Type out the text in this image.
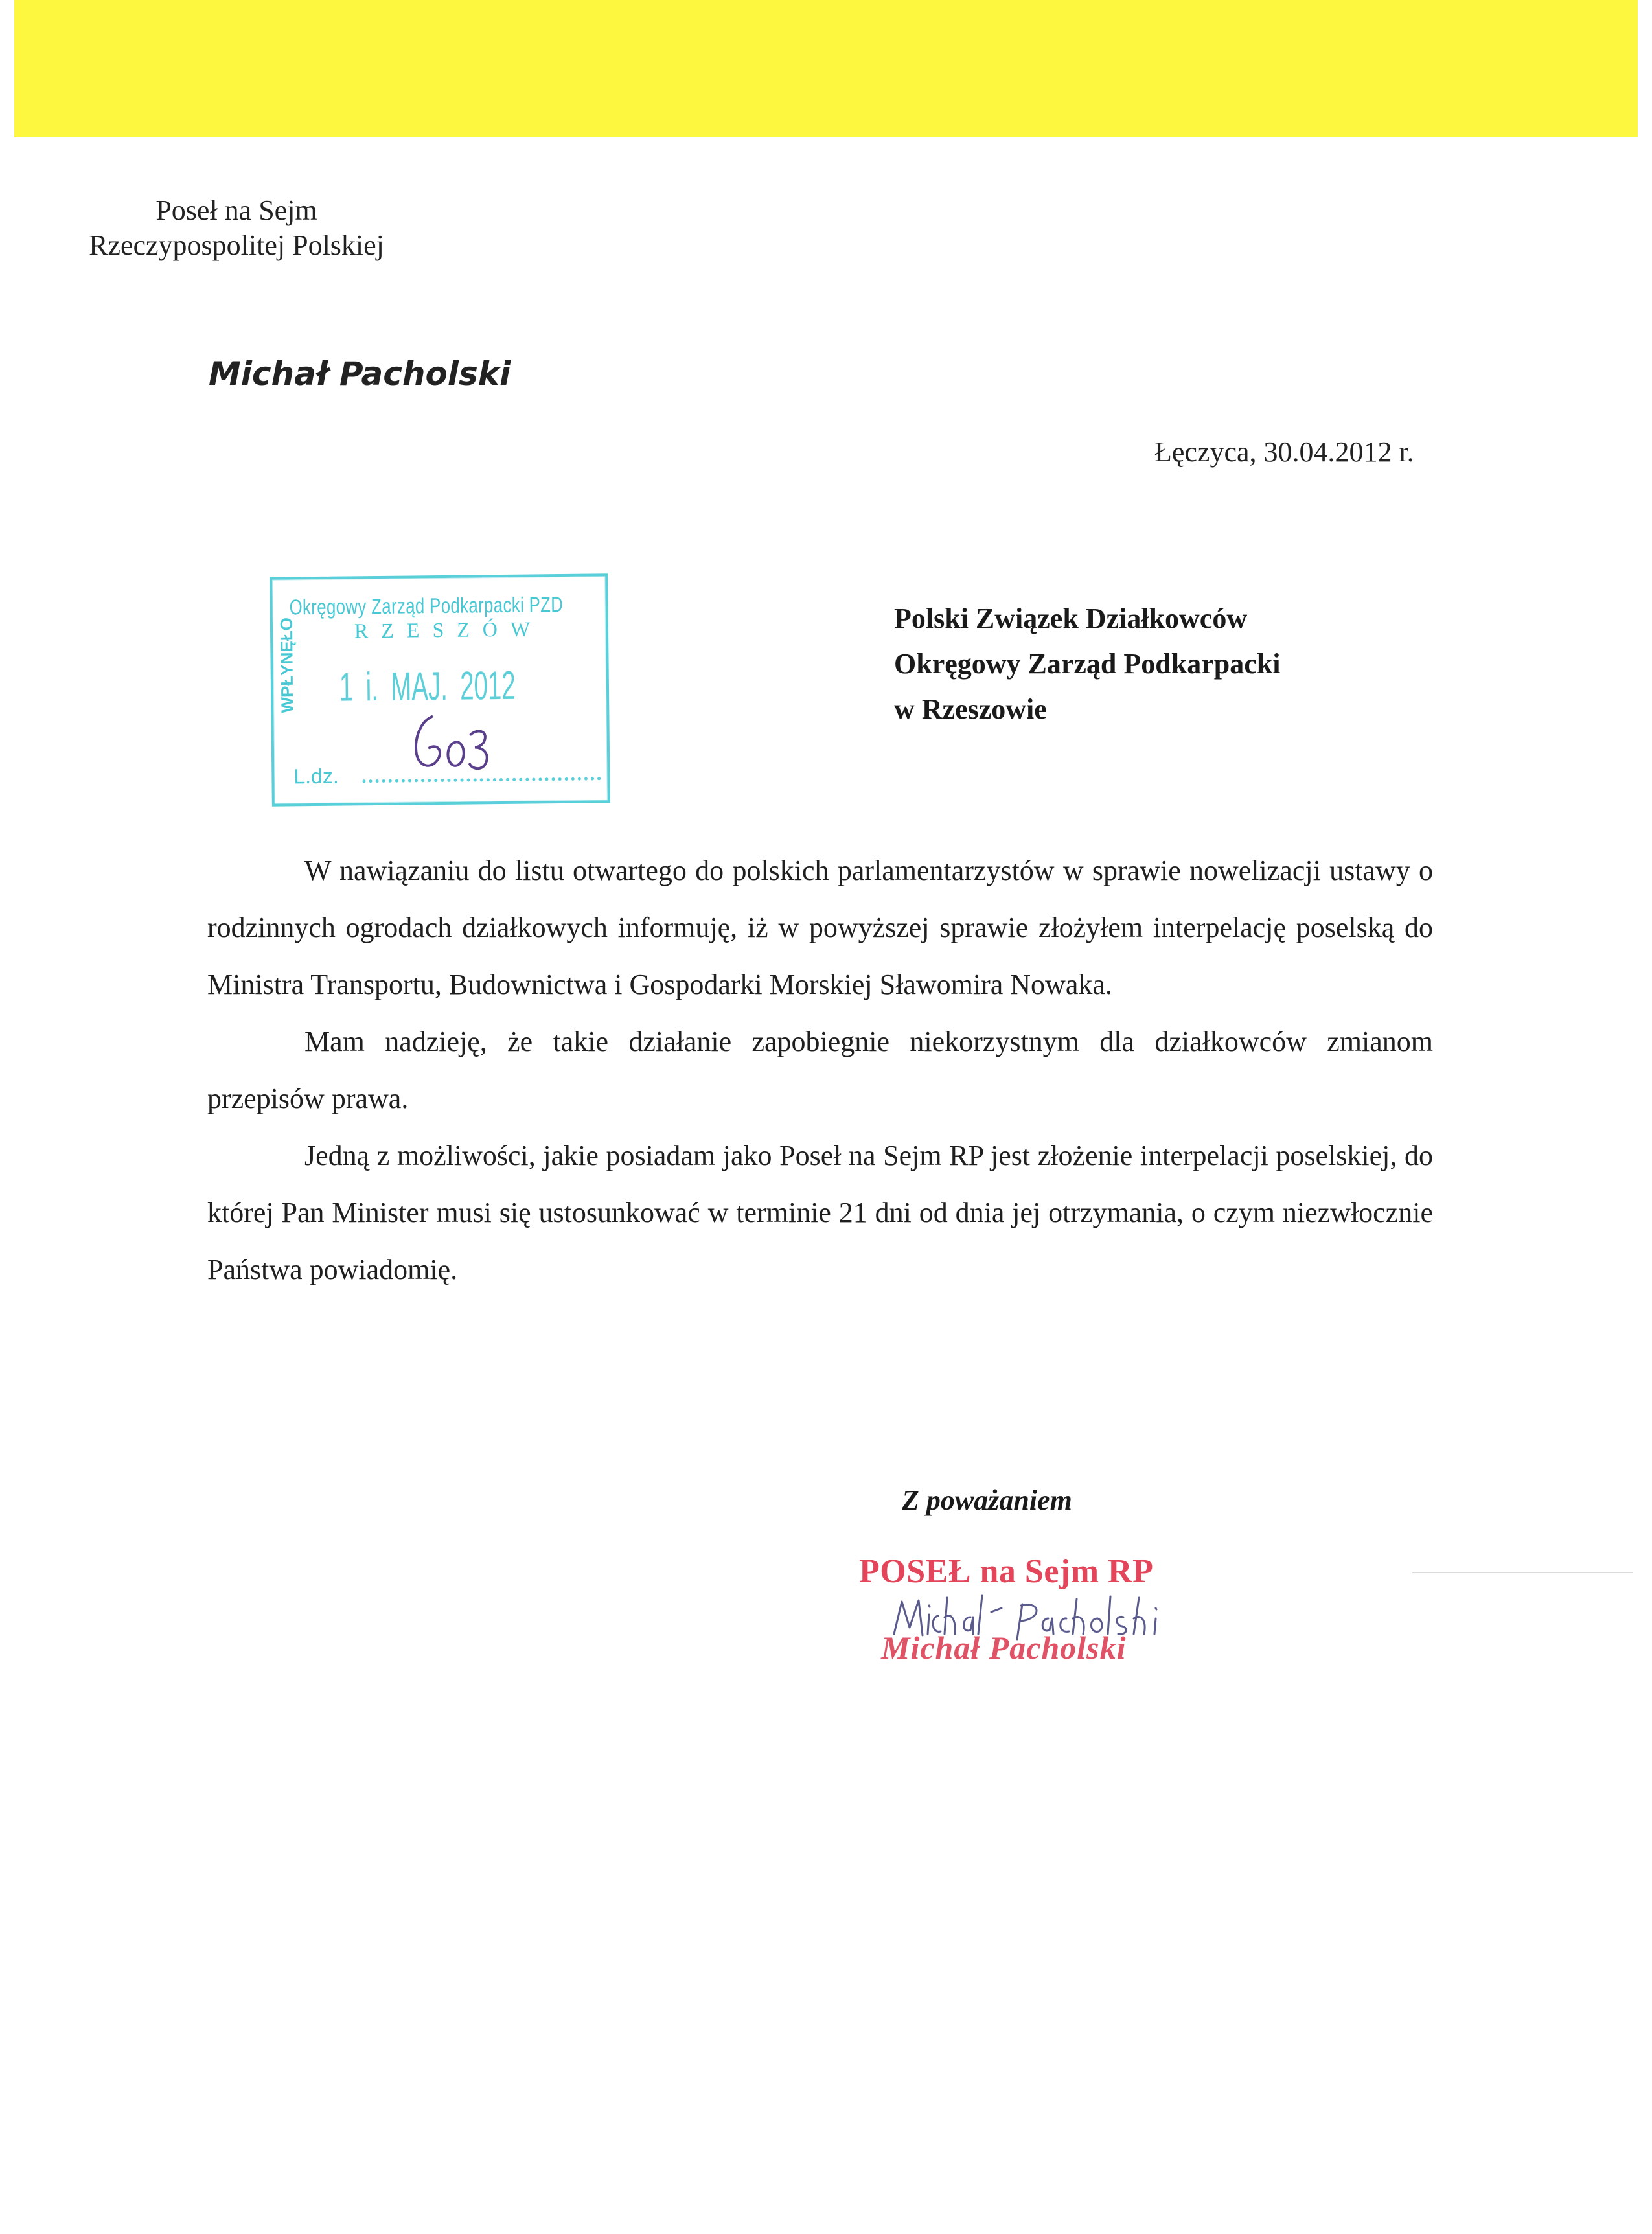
Poseł na Sejm
Rzeczypospolitej Polskiej
Michał Pacholski
Łęczyca, 30.04.2012 r.
Okręgowy Zarząd Podkarpacki PZD
RZESZÓW
WPŁYNĘŁO 1 i. MAJ. 2012
L.dz.
Polski Związek Działkowców
Okręgowy Zarząd Podkarpacki
w Rzeszowie

W nawiązaniu do listu otwartego do polskich parlamentarzystów w sprawie nowelizacji ustawy o rodzinnych ogrodach działkowych informuję, iż w powyższej sprawie złożyłem interpelację poselską do Ministra Transportu, Budownictwa i Gospodarki Morskiej Sławomira Nowaka.

Mam nadzieję, że takie działanie zapobiegnie niekorzystnym dla działkowców zmianom przepisów prawa.

Jedną z możliwości, jakie posiadam jako Poseł na Sejm RP jest złożenie interpelacji poselskiej, do której Pan Minister musi się ustosunkować w terminie 21 dni od dnia jej otrzymania, o czym niezwłocznie Państwa powiadomię.

Z poważaniem
POSEŁ na Sejm RP
Michał Pacholski
